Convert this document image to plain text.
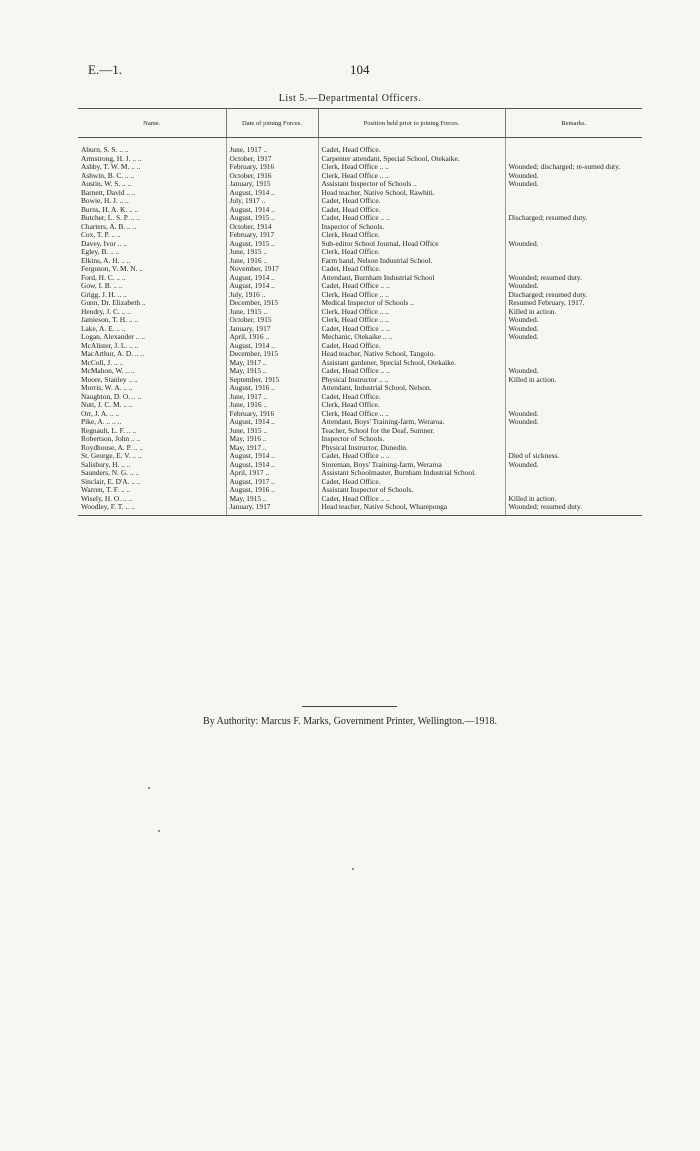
E.—1.	104
List 5.—Departmental Officers.
Name.	Date of joining Forces.	Position held prior to joining Forces.	Remarks.
Aburn, S. S. .. ..	June, 1917 ..	Cadet, Head Office.	
Armstrong, H. J. .. ..	October, 1917	Carpenter attendant, Special School, Otekaike.	
Ashby, T. W. M. .. ..	February, 1916	Clerk, Head Office .. ..	Wounded; discharged; re-sumed duty.
Ashwin, B. C. .. ..	October, 1916	Clerk, Head Office .. ..	Wounded.
Austin, W. S. .. ..	January, 1915	Assistant Inspector of Schools ..	Wounded.
Barnett, David .. ..	August, 1914 ..	Head teacher, Native School, Rawhiti.	
Bowie, H. J. .. ..	July, 1917 ..	Cadet, Head Office.	
Burns, H. A. K. .. ..	August, 1914 ..	Cadet, Head Office.	
Butcher, L. S. P. .. ..	August, 1915 ..	Cadet, Head Office .. ..	Discharged; resumed duty.
Charters, A. B. .. ..	October, 1914	Inspector of Schools.	
Cox, T. P. .. ..	February, 1917	Clerk, Head Office.	
Davey, Ivor .. ..	August, 1915 ..	Sub-editor School Journal, Head Office	Wounded.
Egley, B. .. ..	June, 1915 ..	Clerk, Head Office.	
Elkins, A. H. .. ..	June, 1916 ..	Farm hand, Nelson Industrial School.	
Ferguson, V. M. N. ..	November, 1917	Cadet, Head Office.	
Ford, H. C. .. ..	August, 1914 ..	Attendant, Burnham Industrial School	Wounded; resumed duty.
Gow, I. B. .. ..	August, 1914 ..	Cadet, Head Office .. ..	Wounded.
Grigg, J. H. .. ..	July, 1916 ..	Clerk, Head Office .. ..	Discharged; resumed duty.
Gunn, Dr. Elizabeth ..	December, 1915	Medical Inspector of Schools ..	Resumed February, 1917.
Hendry, J. C. .. ..	June, 1915 ..	Clerk, Head Office .. ..	Killed in action.
Jamieson, T. H. .. ..	October, 1915	Clerk, Head Office .. ..	Wounded.
Lake, A. E. .. ..	January, 1917	Cadet, Head Office .. ..	Wounded.
Logan, Alexander .. ..	April, 1916 ..	Mechanic, Otekaike .. ..	Wounded.
McAlister, J. L. .. ..	August, 1914 ..	Cadet, Head Office.	
MacArthur, A. D. .. ..	December, 1915	Head teacher, Native School, Tangoio.	
McColl, J. .. ..	May, 1917 ..	Assistant gardener, Special School, Otekaike.	
McMahon, W. .. ..	May, 1915 ..	Cadet, Head Office .. ..	Wounded.
Moore, Stanley .. ..	September, 1915	Physical Instructor .. ..	Killed in action.
Morris, W. A. .. ..	August, 1916 ..	Attendant, Industrial School, Nelson.	
Naughton, D. O. .. ..	June, 1917 ..	Cadet, Head Office.	
Nutt, J. C. M. .. ..	June, 1916 ..	Clerk, Head Office.	
Orr, J. A. .. ..	February, 1916	Clerk, Head Office .. ..	Wounded.
Pike, A. .. .. ..	August, 1914 ..	Attendant, Boys' Training-farm, Weraroa.	Wounded.
Regnault, L. F. .. ..	June, 1915 ..	Teacher, School for the Deaf, Sumner.	
Robertson, John .. ..	May, 1916 ..	Inspector of Schools.	
Roydhouse, A. P. .. ..	May, 1917 ..	Physical Instructor, Dunedin.	
St. George, E. V. .. ..	August, 1914 ..	Cadet, Head Office .. ..	Died of sickness.
Salisbury, H. .. ..	August, 1914 ..	Storeman, Boys' Training-farm, Weraroa	Wounded.
Saunders, N. G. .. ..	April, 1917 ..	Assistant Schoolmaster, Burnham Industrial School.	
Sinclair, E. D'A. .. ..	August, 1917 ..	Cadet, Head Office.	
Warren, T. F. .. ..	August, 1916 ..	Assistant Inspector of Schools.	
Wisely, H. O. .. ..	May, 1915 ..	Cadet, Head Office .. ..	Killed in action.
Woodley, F. T. .. ..	January, 1917	Head teacher, Native School, Whareponga	Wounded; resumed duty.
By Authority: Marcus F. Marks, Government Printer, Wellington.—1918.
